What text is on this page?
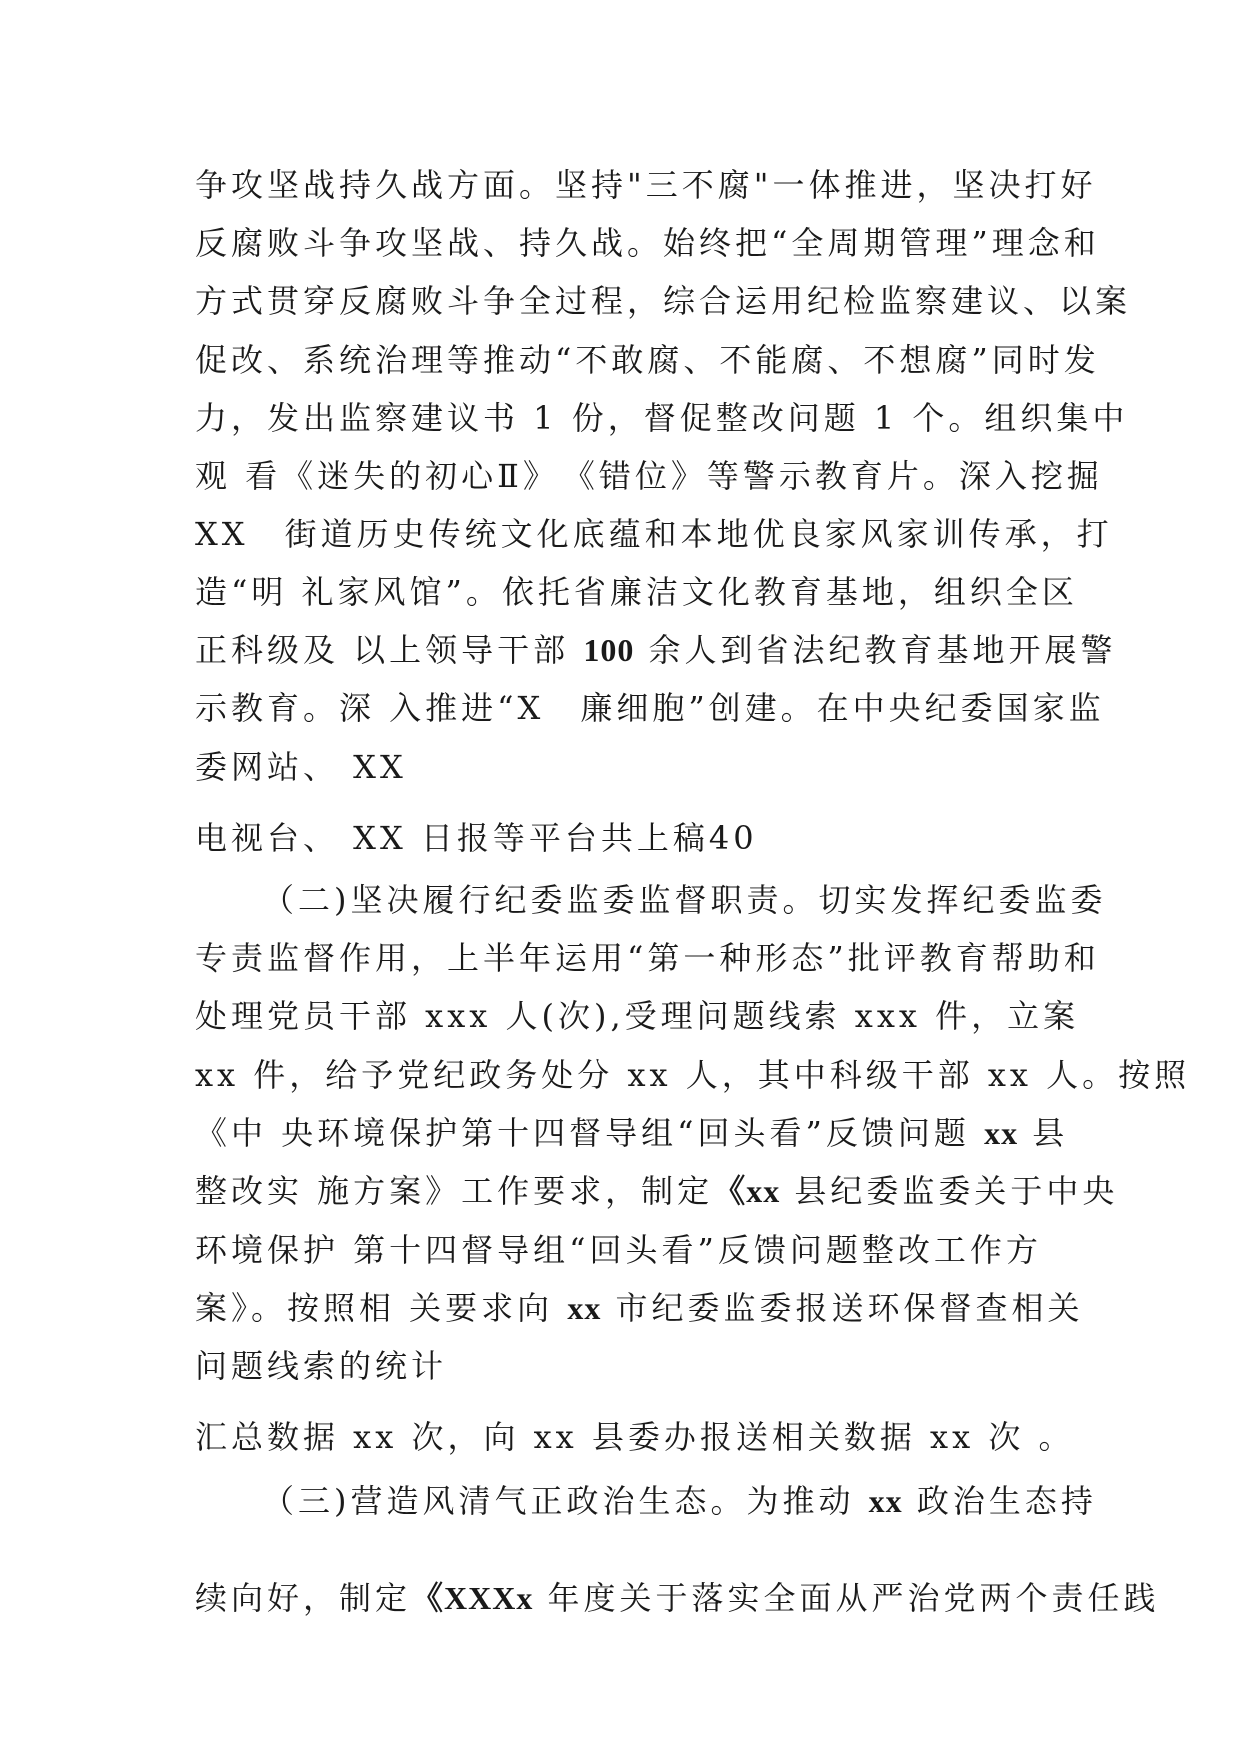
争攻坚战持久战方面。坚持"三不腐"一体推进，坚决打好
反腐败斗争攻坚战、持久战。始终把“全周期管理”理念和
方式贯穿反腐败斗争全过程，综合运用纪检监察建议、以案
促改、系统治理等推动“不敢腐、不能腐、不想腐”同时发
力，发出监察建议书 1 份，督促整改问题 1 个。组织集中
观 看《迷失的初心Ⅱ》　《错位》等警示教育片。深入挖掘
XX　街道历史传统文化底蕴和本地优良家风家训传承，打
造“明 礼家风馆”。依托省廉洁文化教育基地，组织全区
正科级及 以上领导干部 100 余人到省法纪教育基地开展警
示教育。深 入推进“X　廉细胞”创建。在中央纪委国家监
委网站、 XX
电视台、 XX 日报等平台共上稿40
（二)坚决履行纪委监委监督职责。切实发挥纪委监委
专责监督作用，上半年运用“第一种形态”批评教育帮助和
处理党员干部 xxx 人(次),受理问题线索 xxx 件，立案
xx 件，给予党纪政务处分 xx 人，其中科级干部 xx 人。按照
《中 央环境保护第十四督导组“回头看”反馈问题 xx 县
整改实 施方案》工作要求，制定《xx 县纪委监委关于中央
环境保护 第十四督导组“回头看”反馈问题整改工作方
案》。按照相 关要求向 xx 市纪委监委报送环保督查相关
问题线索的统计
汇总数据 xx 次，向 xx 县委办报送相关数据 xx 次 。
（三)营造风清气正政治生态。为推动 xx 政治生态持
续向好，制定《XXXx 年度关于落实全面从严治党两个责任践
